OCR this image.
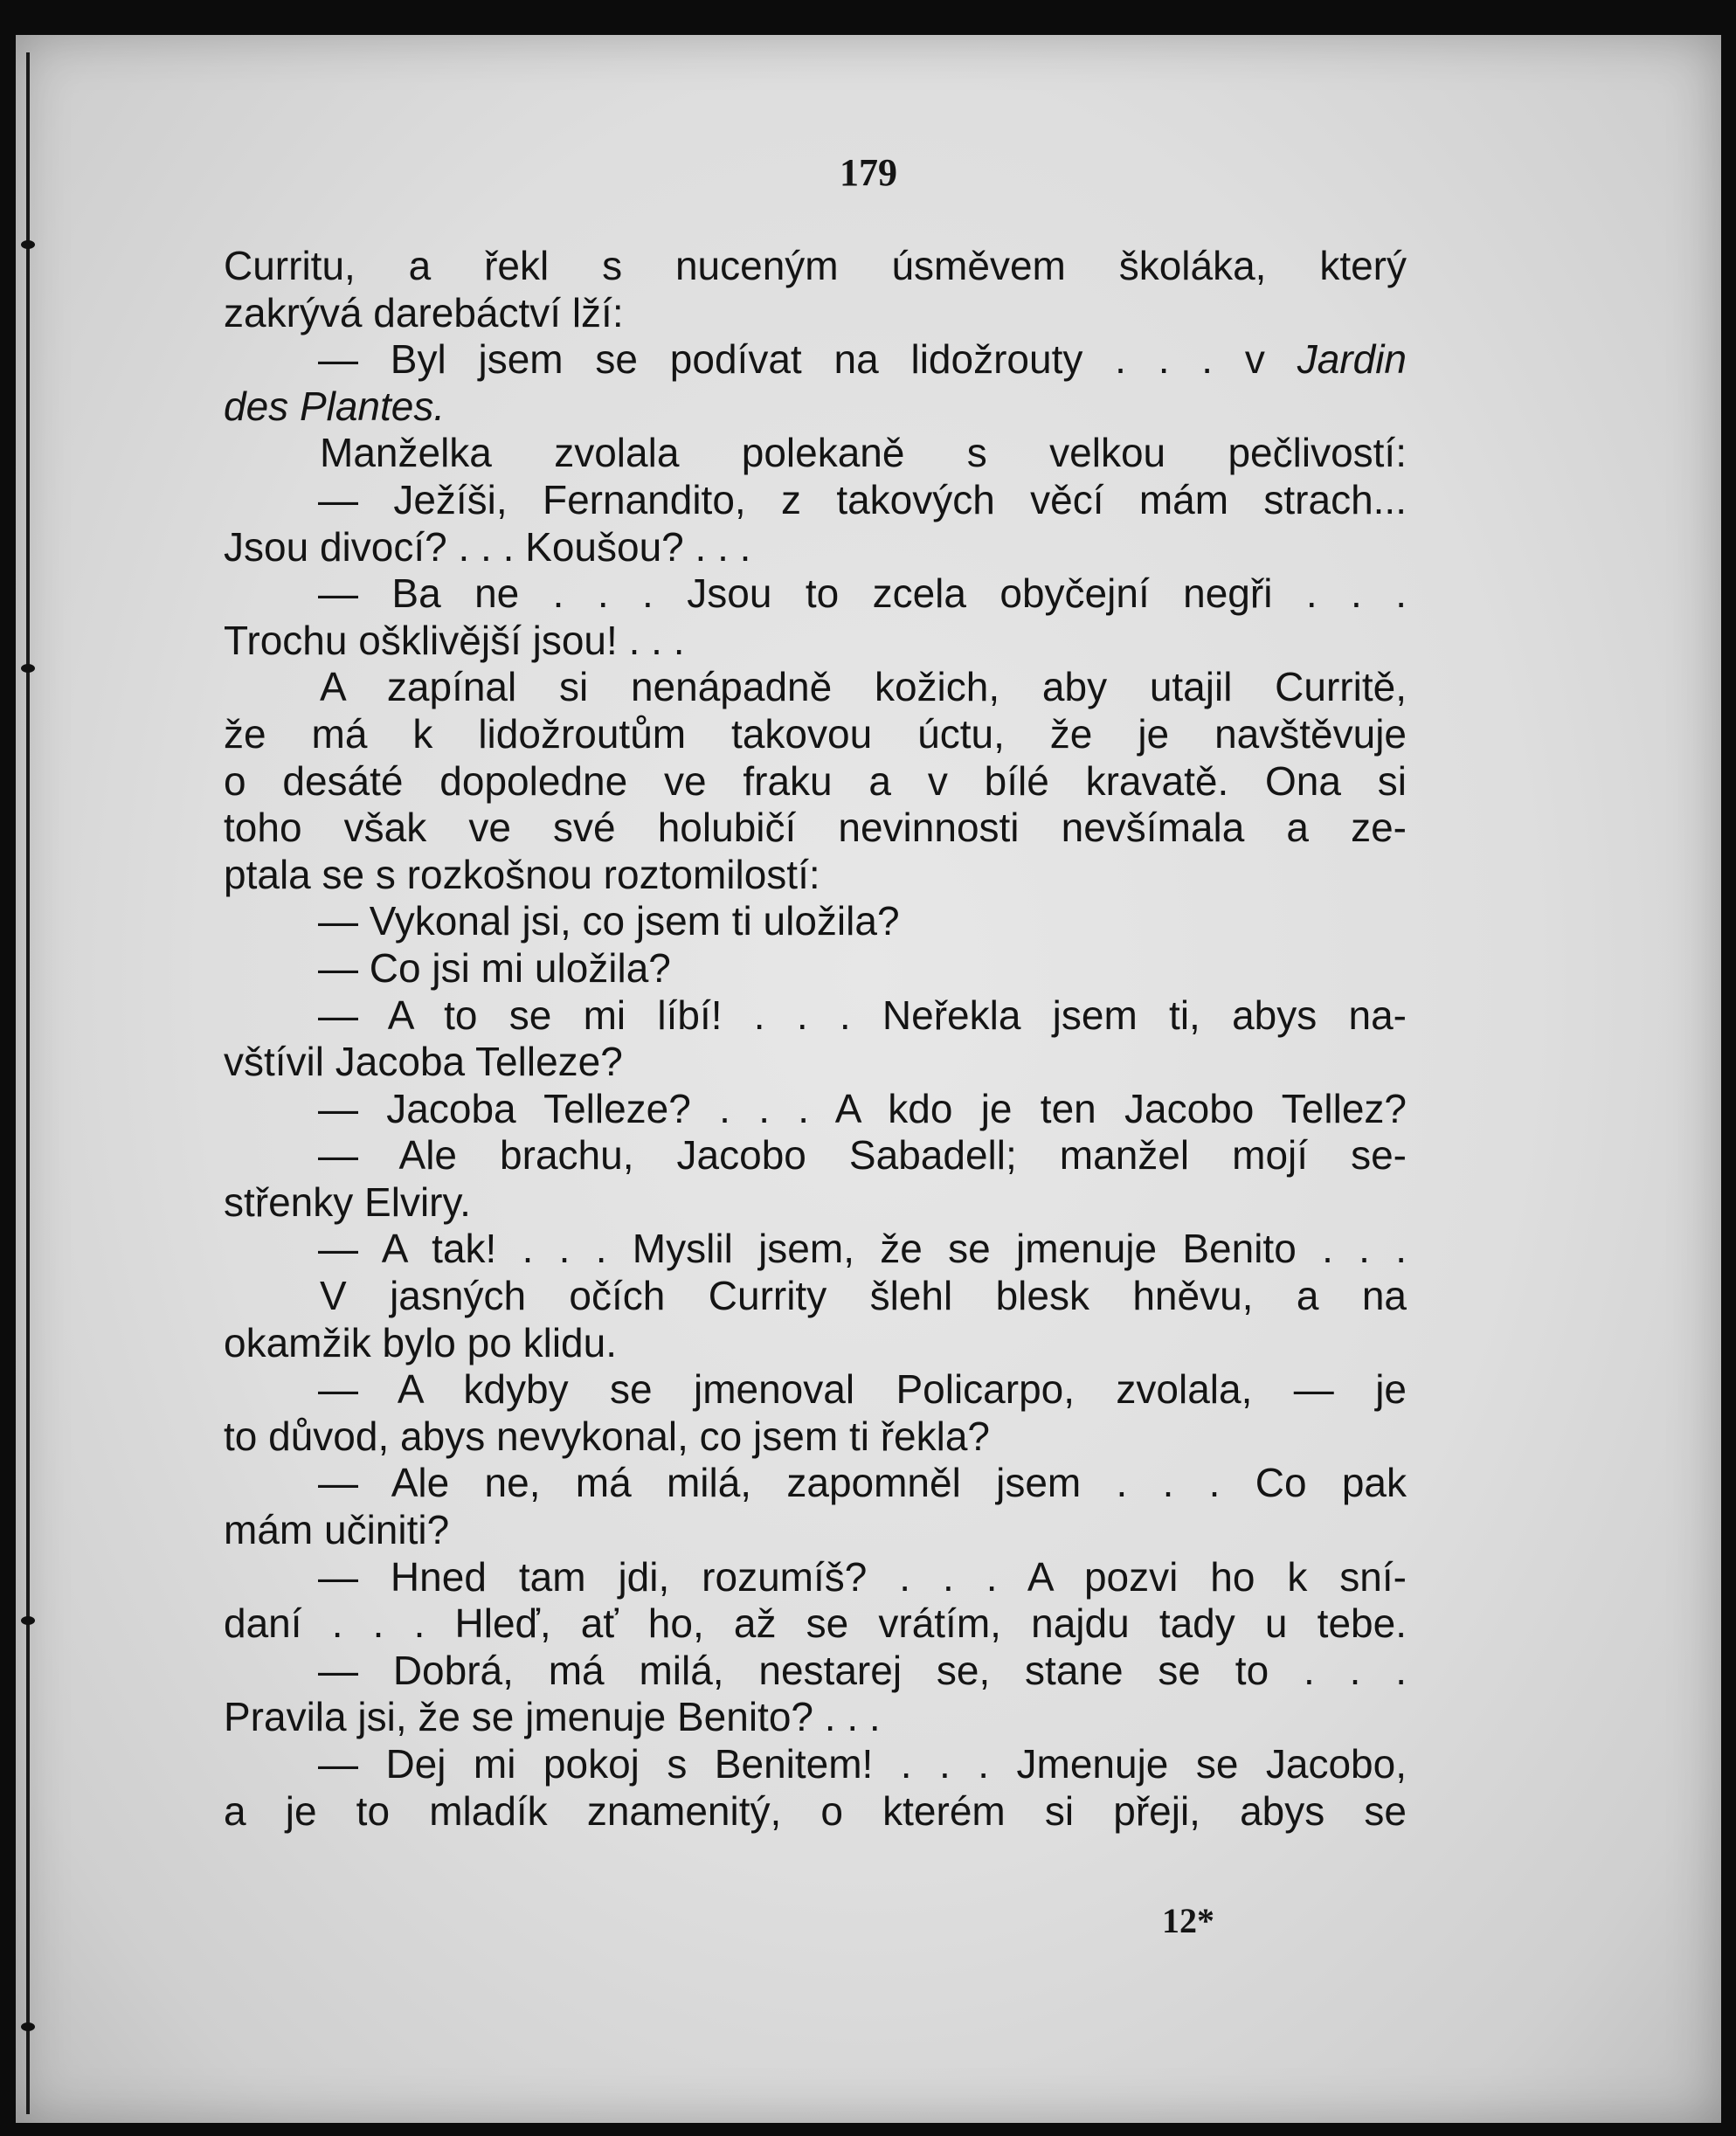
179
Curritu, a řekl s nuceným úsměvem školáka, který
zakrývá darebáctví lží:
— Byl jsem se podívat na lidožrouty . . . v Jardin
des Plantes.
Manželka zvolala polekaně s velkou pečlivostí:
— Ježíši, Fernandito, z takových věcí mám strach...
Jsou divocí? . . . Koušou? . . .
— Ba ne . . . Jsou to zcela obyčejní negři . . .
Trochu ošklivější jsou! . . .
A zapínal si nenápadně kožich, aby utajil Curritě,
že má k lidožroutům takovou úctu, že je navštěvuje
o desáté dopoledne ve fraku a v bílé kravatě. Ona si
toho však ve své holubičí nevinnosti nevšímala a ze-
ptala se s rozkošnou roztomilostí:
— Vykonal jsi, co jsem ti uložila?
— Co jsi mi uložila?
— A to se mi líbí! . . . Neřekla jsem ti, abys na-
vštívil Jacoba Telleze?
— Jacoba Telleze? . . . A kdo je ten Jacobo Tellez?
— Ale brachu, Jacobo Sabadell; manžel mojí se-
střenky Elviry.
— A tak! . . . Myslil jsem, že se jmenuje Benito . . .
V jasných očích Currity šlehl blesk hněvu, a na
okamžik bylo po klidu.
— A kdyby se jmenoval Policarpo, zvolala, — je
to důvod, abys nevykonal, co jsem ti řekla?
— Ale ne, má milá, zapomněl jsem . . . Co pak
mám učiniti?
— Hned tam jdi, rozumíš? . . . A pozvi ho k sní-
daní . . . Hleď, ať ho, až se vrátím, najdu tady u tebe.
— Dobrá, má milá, nestarej se, stane se to . . .
Pravila jsi, že se jmenuje Benito? . . .
— Dej mi pokoj s Benitem! . . . Jmenuje se Jacobo,
a je to mladík znamenitý, o kterém si přeji, abys se
12*
